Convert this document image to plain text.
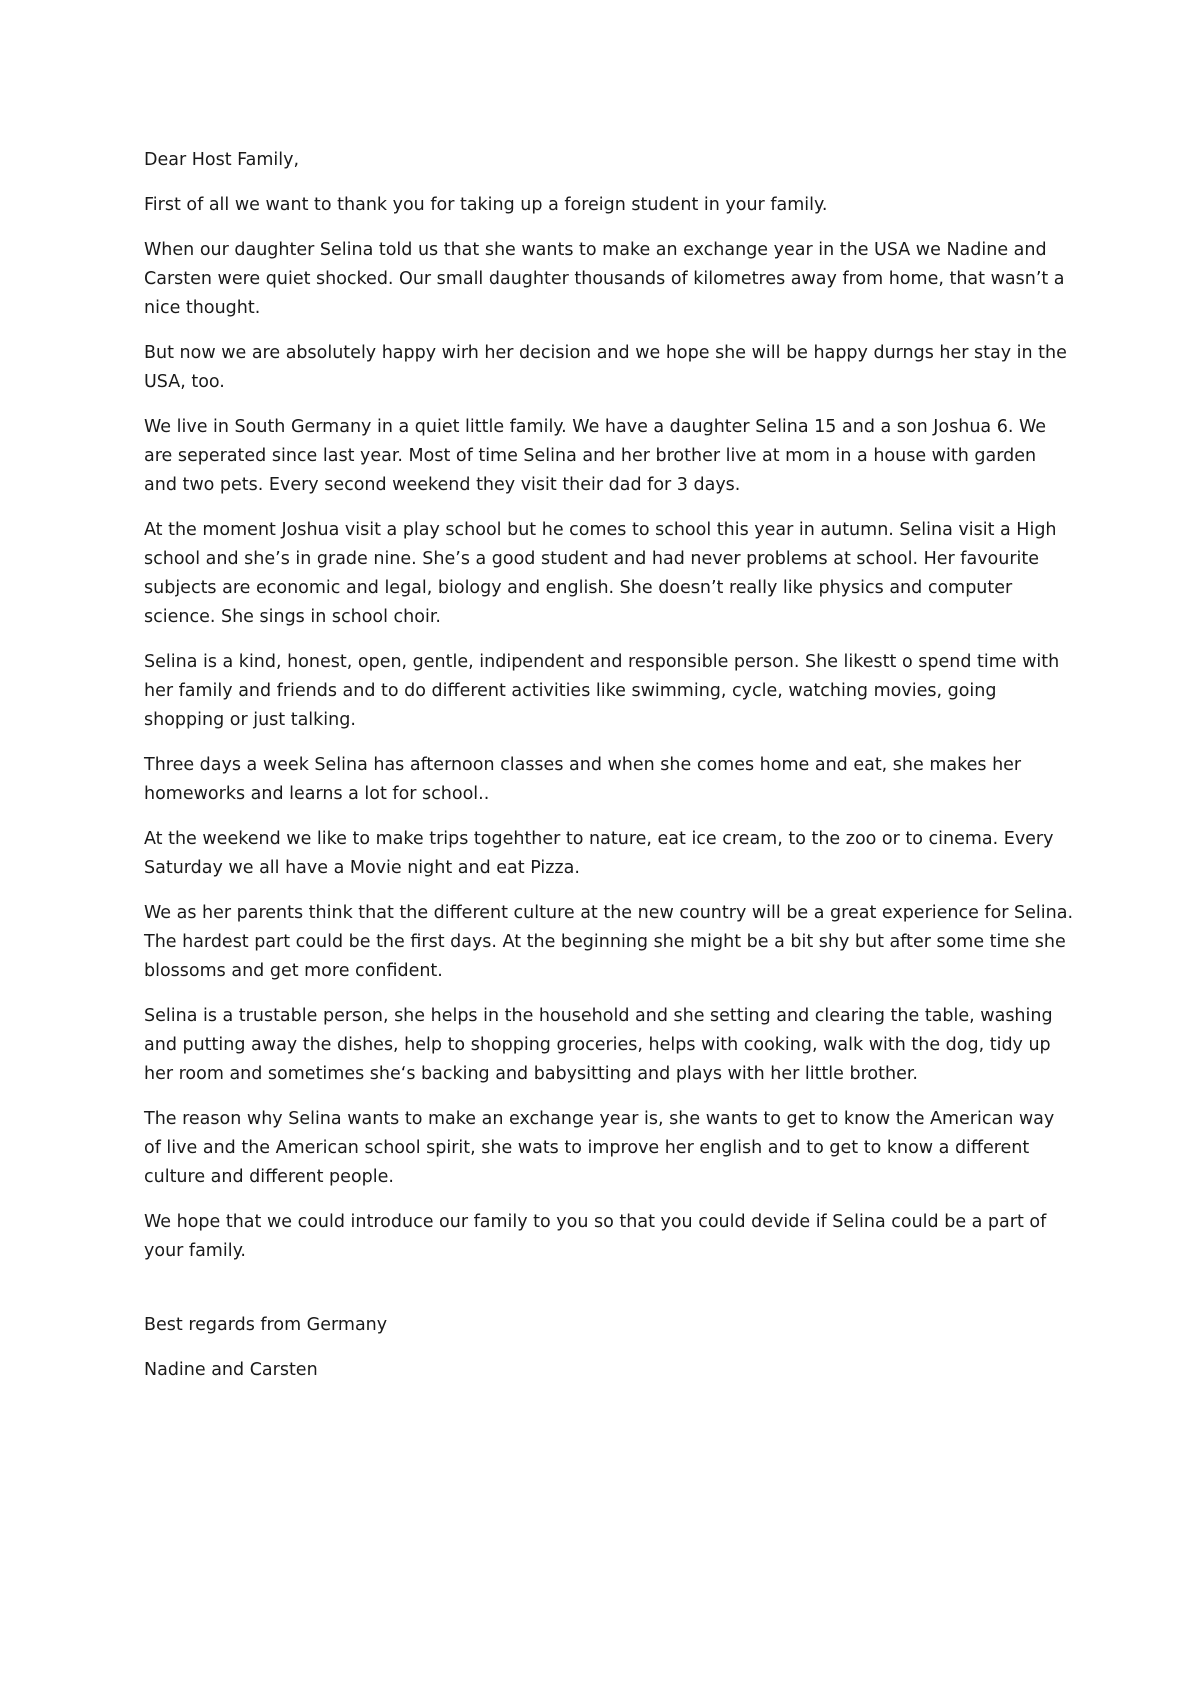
Dear Host Family,

First of all we want to thank you for taking up a foreign student in your family.

When our daughter Selina told us that she wants to make an exchange year in the USA we Nadine and Carsten were quiet shocked. Our small daughter thousands of kilometres away from home, that wasn’t a nice thought.

But now we are absolutely happy wirh her decision and we hope she will be happy durngs her stay in the USA, too.

We live in South Germany in a quiet little family. We have a daughter Selina 15 and a son Joshua 6. We are seperated since last year. Most of time Selina and her brother live at mom in a house with garden and two pets. Every second weekend they visit their dad for 3 days.

At the moment Joshua visit a play school but he comes to school this year in autumn. Selina visit a High school and she’s in grade nine. She’s a good student and had never problems at school. Her favourite subjects are economic and legal, biology and english. She doesn’t really like physics and computer science. She sings in school choir.

Selina is a kind, honest, open, gentle, indipendent and responsible person. She likestt o spend time with her family and friends and to do different activities like swimming, cycle, watching movies, going shopping or just talking.

Three days a week Selina has afternoon classes and when she comes home and eat, she makes her homeworks and learns a lot for school..

At the weekend we like to make trips togehther to nature, eat ice cream, to the zoo or to cinema. Every Saturday we all have a Movie night and eat Pizza.

We as her parents think that the different culture at the new country will be a great experience for Selina. The hardest part could be the first days. At the beginning she might be a bit shy but after some time she blossoms and get more confident.

Selina is a trustable person, she helps in the household and she setting and clearing the table, washing and putting away the dishes, help to shopping groceries, helps with cooking, walk with the dog, tidy up her room and sometimes she‘s backing and babysitting and plays with her little brother.

The reason why Selina wants to make an exchange year is, she wants to get to know the American way of live and the American school spirit, she wats to improve her english and to get to know a different culture and different people.

We hope that we could introduce our family to you so that you could devide if Selina could be a part of your family.

Best regards from Germany

Nadine and Carsten
